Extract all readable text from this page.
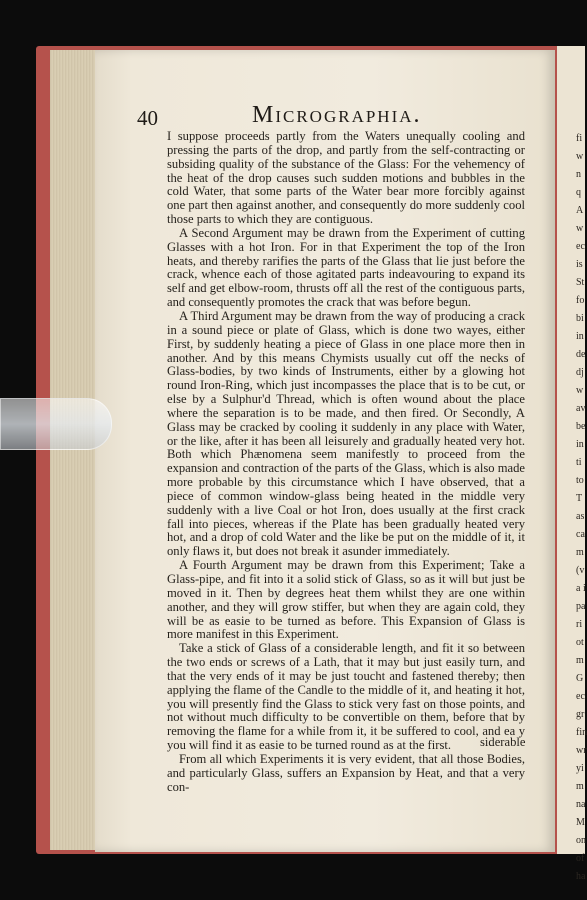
fi
w
n
q
A
w
ec
is
St
fo
bi
in
de
dj
w
av
be
in
ti
to
T
as
ca
m
(v
a i
pa
ri
ot
m
G
ec
gr
fin
wr
yi
m
na
M
on
of
ha
40	Micrographia.

I suppose proceeds partly from the Waters unequally cooling and pressing the parts of the drop, and partly from the self-contracting or subsiding quality of the substance of the Glass: For the vehemency of the heat of the drop causes such sudden motions and bubbles in the cold Water, that some parts of the Water bear more forcibly against one part then against another, and consequently do more suddenly cool those parts to which they are contiguous.

A Second Argument may be drawn from the Experiment of cutting Glasses with a hot Iron. For in that Experiment the top of the Iron heats, and thereby rarifies the parts of the Glass that lie just before the crack, whence each of those agitated parts indeavouring to expand its self and get elbow-room, thrusts off all the rest of the contiguous parts, and consequently promotes the crack that was before begun.

A Third Argument may be drawn from the way of producing a crack in a sound piece or plate of Glass, which is done two wayes, either First, by suddenly heating a piece of Glass in one place more then in another. And by this means Chymists usually cut off the necks of Glass-bodies, by two kinds of Instruments, either by a glowing hot round Iron-Ring, which just incompasses the place that is to be cut, or else by a Sulphur'd Thread, which is often wound about the place where the separation is to be made, and then fired. Or Secondly, A Glass may be cracked by cooling it suddenly in any place with Water, or the like, after it has been all leisurely and gradually heated very hot. Both which Phænomena seem manifestly to proceed from the expansion and contraction of the parts of the Glass, which is also made more probable by this circumstance which I have observed, that a piece of common window-glass being heated in the middle very suddenly with a live Coal or hot Iron, does usually at the first crack fall into pieces, whereas if the Plate has been gradually heated very hot, and a drop of cold Water and the like be put on the middle of it, it only flaws it, but does not break it asunder immediately.

A Fourth Argument may be drawn from this Experiment; Take a Glass-pipe, and fit into it a solid stick of Glass, so as it will but just be moved in it. Then by degrees heat them whilst they are one within another, and they will grow stiffer, but when they are again cold, they will be as easie to be turned as before. This Expansion of Glass is more manifest in this Experiment.

Take a stick of Glass of a considerable length, and fit it so between the two ends or screws of a Lath, that it may but just easily turn, and that the very ends of it may be just toucht and fastened thereby; then applying the flame of the Candle to the middle of it, and heating it hot, you will presently find the Glass to stick very fast on those points, and not without much difficulty to be convertible on them, before that by removing the flame for a while from it, it be suffered to cool, and ea y you will find it as easie to be turned round as at the first.

From all which Experiments it is very evident, that all those Bodies, and particularly Glass, suffers an Expansion by Heat, and that a very con-

siderable
